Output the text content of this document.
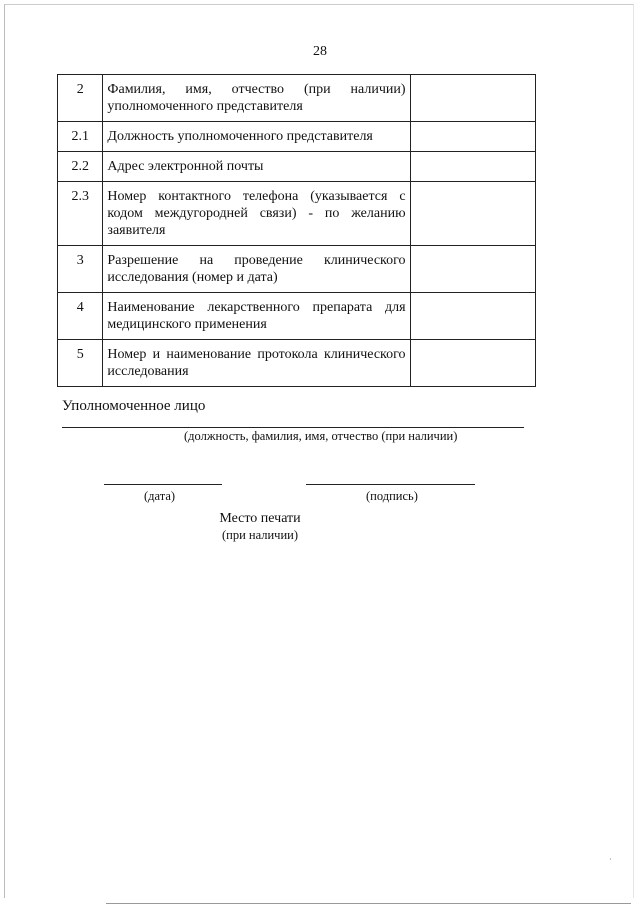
28
2	Фамилия, имя, отчество (при наличии) уполномоченного представителя	
2.1	Должность уполномоченного представителя	
2.2	Адрес электронной почты	
2.3	Номер контактного телефона (указывается с кодом междугородней связи) - по желанию заявителя	
3	Разрешение на проведение клинического исследования (номер и дата)	
4	Наименование лекарственного препарата для медицинского применения	
5	Номер и наименование протокола клинического исследования	
Уполномоченное лицо
(должность, фамилия, имя, отчество (при наличии)
(дата)	(подпись)
Место печати
(при наличии)
·
